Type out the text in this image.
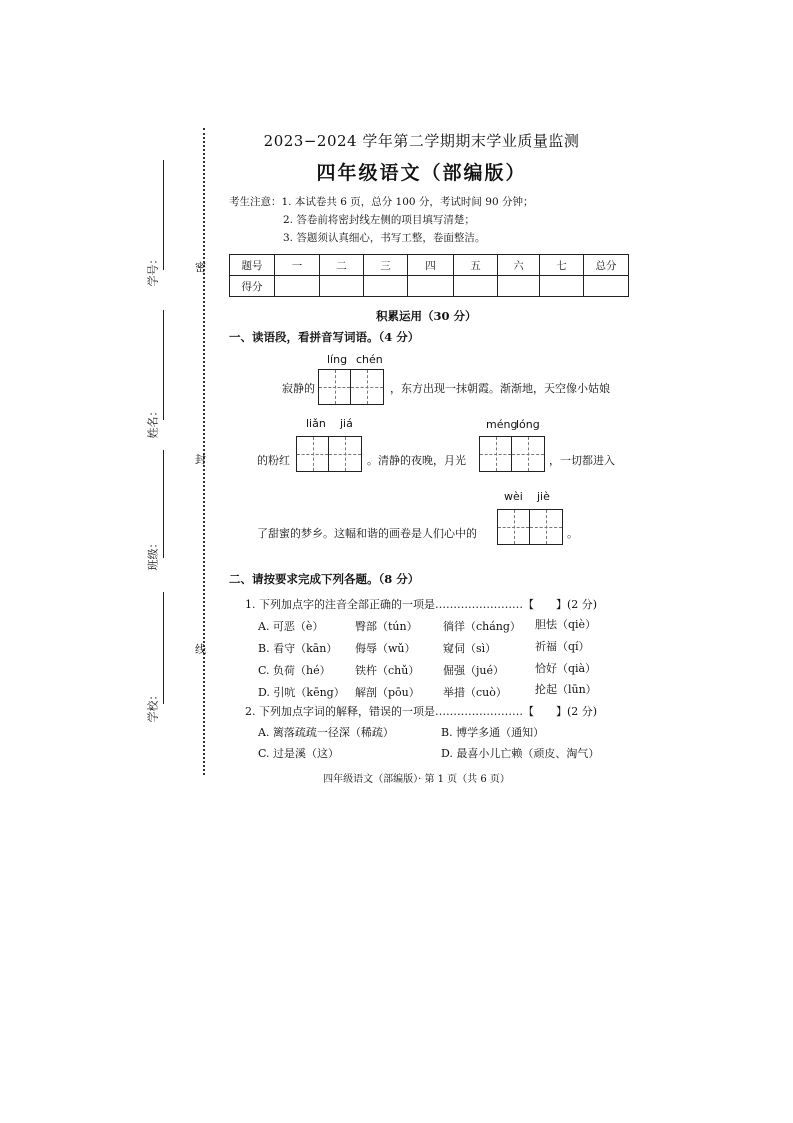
学号：
姓名：
班级：
学校：
密
封
线
2023−2024 学年第二学期期末学业质量监测
四年级语文（部编版）
考生注意：1. 本试卷共 6 页，总分 100 分，考试时间 90 分钟；
2. 答卷前将密封线左侧的项目填写清楚；
3. 答题须认真细心，书写工整，卷面整洁。
题号	一	二	三	四	五	六	七	总分
得分								
积累运用（30 分）
一、读语段，看拼音写词语。（4 分）
líng chén
寂静的	，东方出现一抹朝霞。渐渐地，天空像小姑娘
liǎn jiá
的粉红	。清静的夜晚，月光
méng
lóng
，一切都进入
wèi jiè
了甜蜜的梦乡。这幅和谐的画卷是人们心中的	。
二、请按要求完成下列各题。（8 分）
1. 下列加点字的注音全部正确的一项是……………………【　　】(2 分)
A. 可恶（è）	臀部（tún） 徜徉（cháng） 胆怯（qiè）
B. 看守（kān） 侮辱（wǔ）	窥伺（sì）	祈福（qí）
C. 负荷（hé） 铁杵（chǔ） 倔强（jué）	恰好（qià）
D. 引吭（kēng） 解剖（pōu） 举措（cuò）	抡起（lūn）
2. 下列加点字词的解释，错误的一项是……………………【　　】(2 分)
A. 篱落疏疏一径深（稀疏）	B. 博学多通（通知）
C. 过是溪（这）	D. 最喜小儿亡赖（顽皮、淘气）
四年级语文（部编版）· 第 1 页（共 6 页）
